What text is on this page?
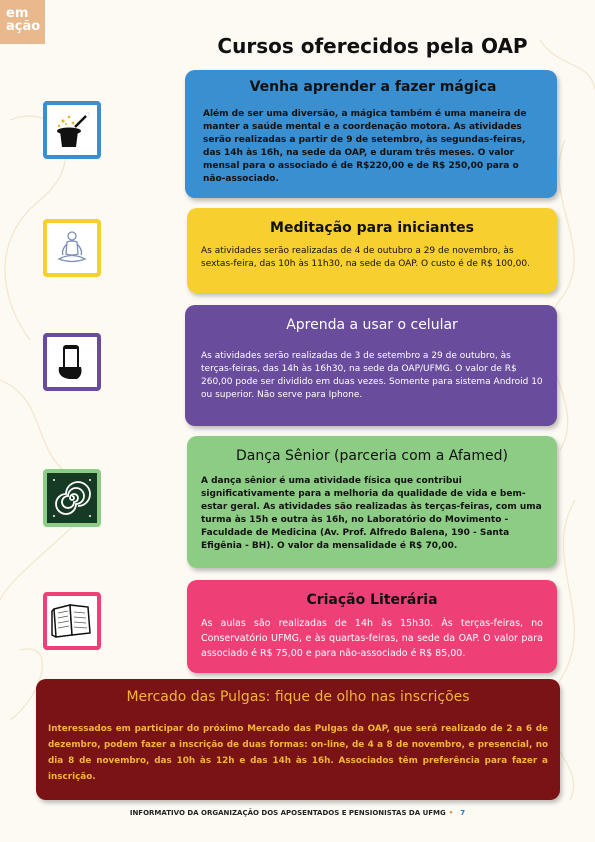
em
ação
Cursos oferecidos pela OAP
Venha aprender a fazer mágica

Além de ser uma diversão, a mágica também é uma maneira de manter a saúde mental e a coordenação motora. As atividades serão realizadas a partir de 9 de setembro, às segundas-feiras, das 14h às 16h, na sede da OAP, e duram três meses. O valor mensal para o associado é de R$220,00 e de R$ 250,00 para o não-associado.

Meditação para iniciantes

As atividades serão realizadas de 4 de outubro a 29 de novembro, às sextas-feira, das 10h às 11h30, na sede da OAP. O custo é de R$ 100,00.

Aprenda a usar o celular

As atividades serão realizadas de 3 de setembro a 29 de outubro, às terças-feiras, das 14h às 16h30, na sede da OAP/UFMG. O valor de R$ 260,00 pode ser dividido em duas vezes. Somente para sistema Android 10 ou superior. Não serve para Iphone.

Dança Sênior (parceria com a Afamed)

A dança sênior é uma atividade física que contribui significativamente para a melhoria da qualidade de vida e bem-estar geral. As atividades são realizadas às terças-feiras, com uma turma às 15h e outra às 16h, no Laboratório do Movimento - Faculdade de Medicina (Av. Prof. Alfredo Balena, 190 - Santa Efigênia - BH). O valor da mensalidade é R$ 70,00.

Criação Literária

As aulas são realizadas de 14h às 15h30. Às terças-feiras, no Conservatório UFMG, e às quartas-feiras, na sede da OAP. O valor para associado é R$ 75,00 e para não-associado é R$ 85,00.

Mercado das Pulgas: fique de olho nas inscrições

Interessados em participar do próximo Mercado das Pulgas da OAP, que será realizado de 2 a 6 de dezembro, podem fazer a inscrição de duas formas: on-line, de 4 a 8 de novembro, e presencial, no dia 8 de novembro, das 10h às 12h e das 14h às 16h. Associados têm preferência para fazer a inscrição.

INFORMATIVO DA ORGANIZAÇÃO DOS APOSENTADOS E PENSIONISTAS DA UFMG • 7
